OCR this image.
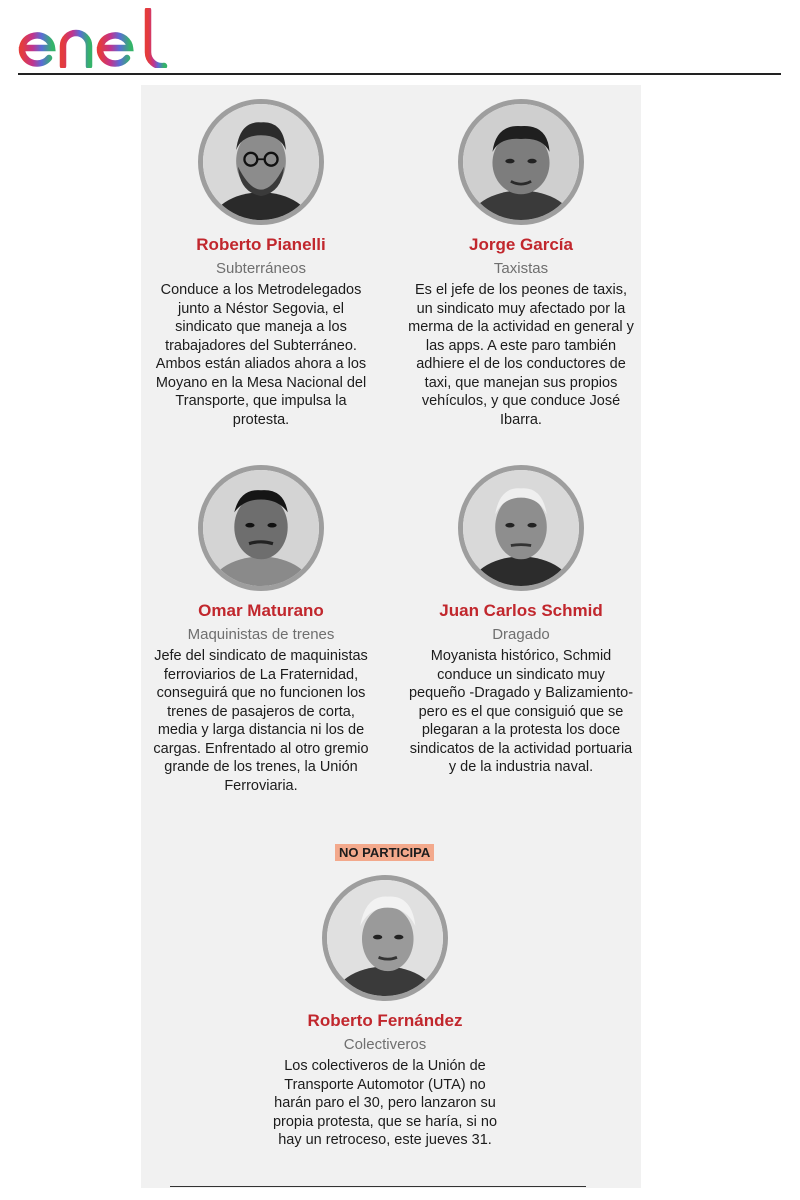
Roberto Pianelli
Subterráneos
Conduce a los Metrodelegados junto a Néstor Segovia, el sindicato que maneja a los trabajadores del Subterráneo. Ambos están aliados ahora a los Moyano en la Mesa Nacional del Transporte, que impulsa la protesta.
Jorge García
Taxistas
Es el jefe de los peones de taxis, un sindicato muy afectado por la merma de la actividad en general y las apps. A este paro también adhiere el de los conductores de taxi, que manejan sus propios vehículos, y que conduce José Ibarra.
Omar Maturano
Maquinistas de trenes
Jefe del sindicato de maquinistas ferroviarios de La Fraternidad, conseguirá que no funcionen los trenes de pasajeros de corta, media y larga distancia ni los de cargas. Enfrentado al otro gremio grande de los trenes, la Unión Ferroviaria.
Juan Carlos Schmid
Dragado
Moyanista histórico, Schmid conduce un sindicato muy pequeño -Dragado y Balizamiento- pero es el que consiguió que se plegaran a la protesta los doce sindicatos de la actividad portuaria y de la industria naval.
NO PARTICIPA
Roberto Fernández
Colectiveros
Los colectiveros de la Unión de Transporte Automotor (UTA) no harán paro el 30, pero lanzaron su propia protesta, que se haría, si no hay un retroceso, este jueves 31.
